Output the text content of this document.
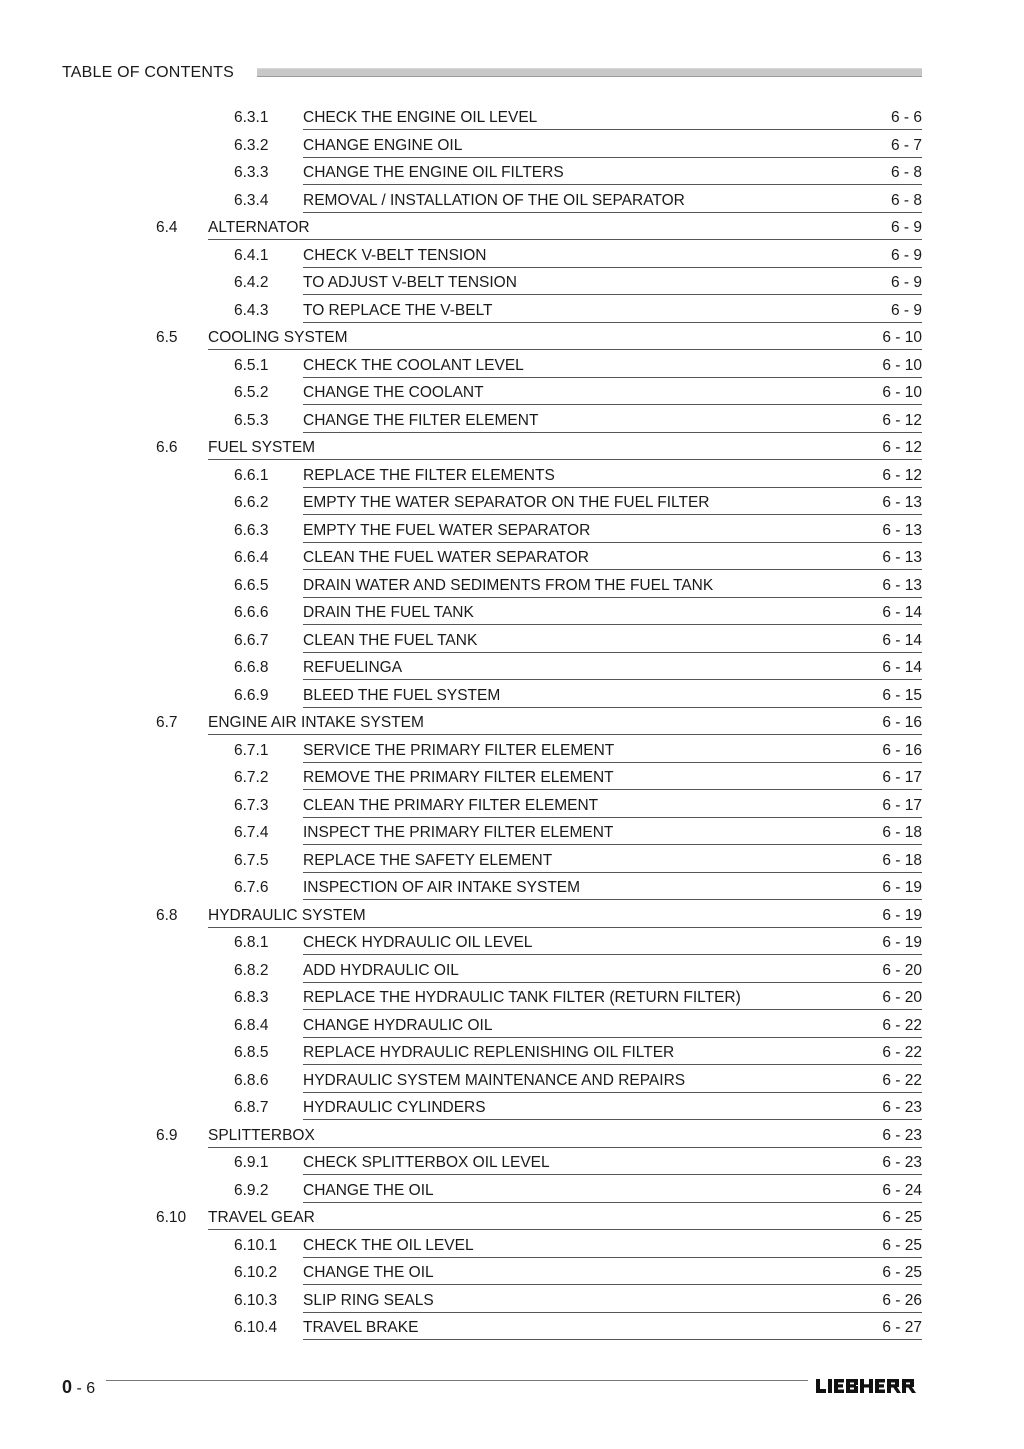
TABLE OF CONTENTS
6.3.1 CHECK THE ENGINE OIL LEVEL	6 - 6
6.3.2 CHANGE ENGINE OIL	6 - 7
6.3.3 CHANGE THE ENGINE OIL FILTERS	6 - 8
6.3.4 REMOVAL / INSTALLATION OF THE OIL SEPARATOR	6 - 8
6.4 ALTERNATOR	6 - 9
6.4.1 CHECK V-BELT TENSION	6 - 9
6.4.2 TO ADJUST V-BELT TENSION	6 - 9
6.4.3 TO REPLACE THE V-BELT	6 - 9
6.5 COOLING SYSTEM	6 - 10
6.5.1 CHECK THE COOLANT LEVEL	6 - 10
6.5.2 CHANGE THE COOLANT	6 - 10
6.5.3 CHANGE THE FILTER ELEMENT	6 - 12
6.6 FUEL SYSTEM	6 - 12
6.6.1 REPLACE THE FILTER ELEMENTS	6 - 12
6.6.2 EMPTY THE WATER SEPARATOR ON THE FUEL FILTER	6 - 13
6.6.3 EMPTY THE FUEL WATER SEPARATOR	6 - 13
6.6.4 CLEAN THE FUEL WATER SEPARATOR	6 - 13
6.6.5 DRAIN WATER AND SEDIMENTS FROM THE FUEL TANK	6 - 13
6.6.6 DRAIN THE FUEL TANK	6 - 14
6.6.7 CLEAN THE FUEL TANK	6 - 14
6.6.8 REFUELINGA	6 - 14
6.6.9 BLEED THE FUEL SYSTEM	6 - 15
6.7 ENGINE AIR INTAKE SYSTEM	6 - 16
6.7.1 SERVICE THE PRIMARY FILTER ELEMENT	6 - 16
6.7.2 REMOVE THE PRIMARY FILTER ELEMENT	6 - 17
6.7.3 CLEAN THE PRIMARY FILTER ELEMENT	6 - 17
6.7.4 INSPECT THE PRIMARY FILTER ELEMENT	6 - 18
6.7.5 REPLACE THE SAFETY ELEMENT	6 - 18
6.7.6 INSPECTION OF AIR INTAKE SYSTEM	6 - 19
6.8 HYDRAULIC SYSTEM	6 - 19
6.8.1 CHECK HYDRAULIC OIL LEVEL	6 - 19
6.8.2 ADD HYDRAULIC OIL	6 - 20
6.8.3 REPLACE THE HYDRAULIC TANK FILTER (RETURN FILTER)	6 - 20
6.8.4 CHANGE HYDRAULIC OIL	6 - 22
6.8.5 REPLACE HYDRAULIC REPLENISHING OIL FILTER	6 - 22
6.8.6 HYDRAULIC SYSTEM MAINTENANCE AND REPAIRS	6 - 22
6.8.7 HYDRAULIC CYLINDERS	6 - 23
6.9 SPLITTERBOX	6 - 23
6.9.1 CHECK SPLITTERBOX OIL LEVEL	6 - 23
6.9.2 CHANGE THE OIL	6 - 24
6.10 TRAVEL GEAR	6 - 25
6.10.1 CHECK THE OIL LEVEL	6 - 25
6.10.2 CHANGE THE OIL	6 - 25
6.10.3 SLIP RING SEALS	6 - 26
6.10.4 TRAVEL BRAKE	6 - 27
0 - 6
